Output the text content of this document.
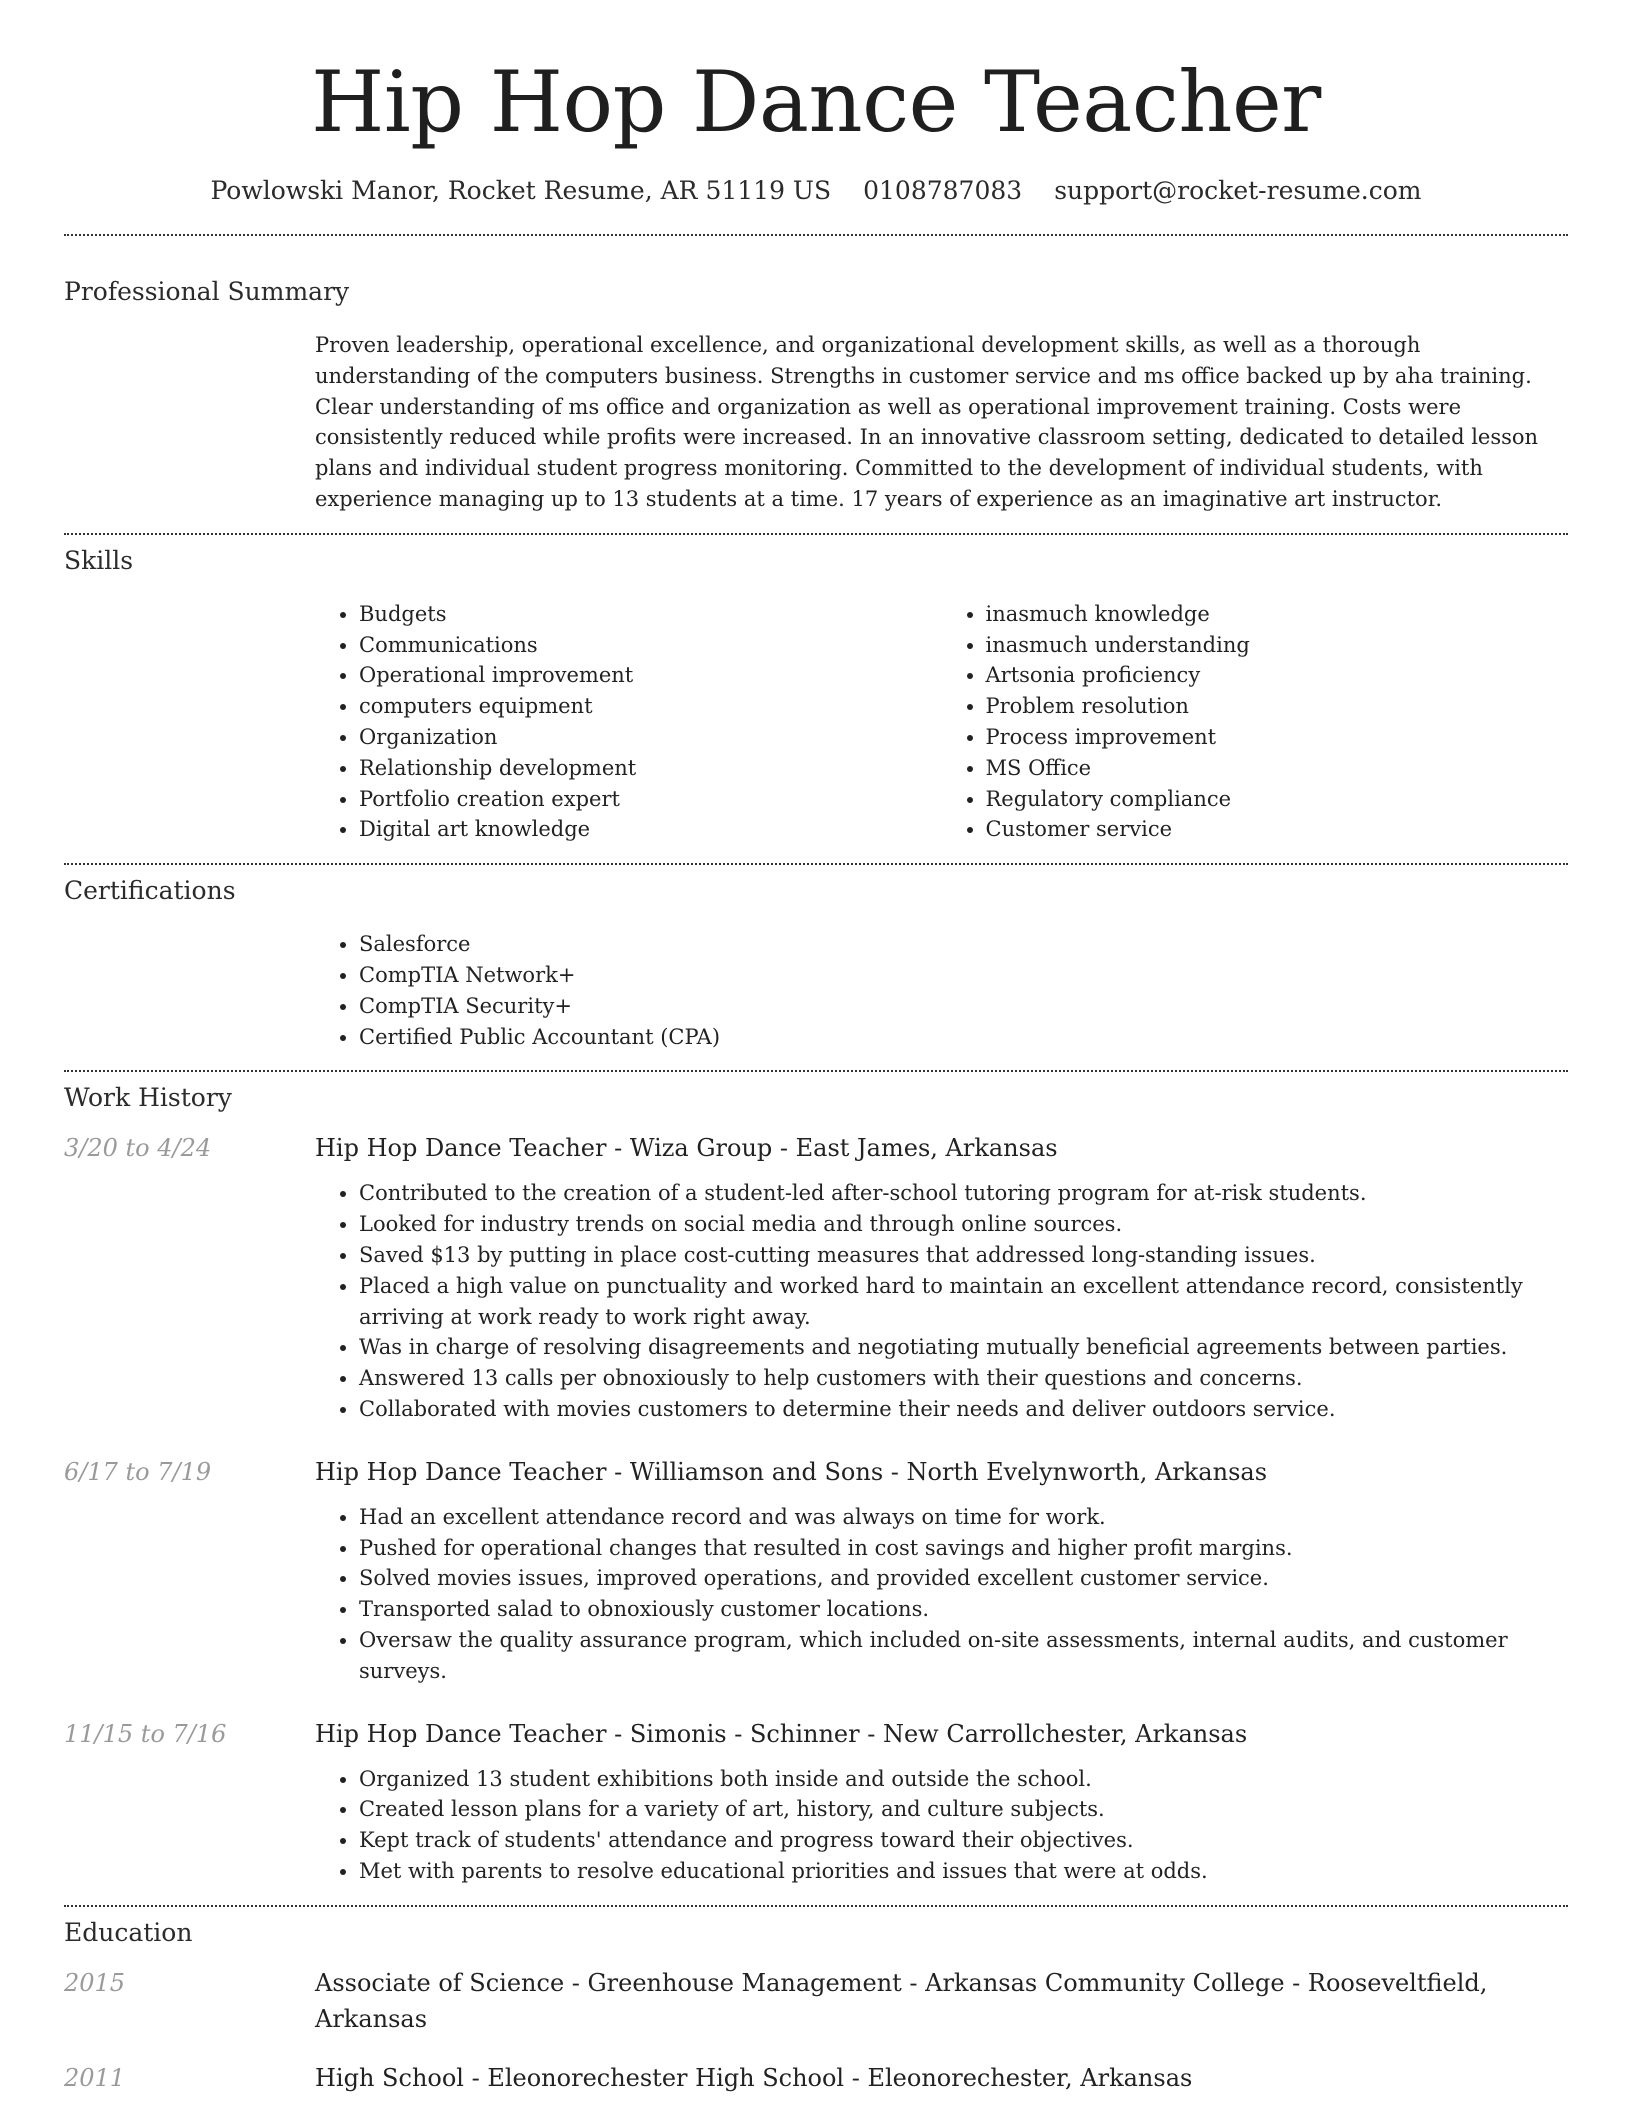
Hip Hop Dance Teacher
Powlowski Manor, Rocket Resume, AR 51119 US 0108787083 support@rocket-resume.com
Professional Summary

Proven leadership, operational excellence, and organizational development skills, as well as a thorough understanding of the computers business. Strengths in customer service and ms office backed up by aha training. Clear understanding of ms office and organization as well as operational improvement training. Costs were consistently reduced while profits were increased. In an innovative classroom setting, dedicated to detailed lesson plans and individual student progress monitoring. Committed to the development of individual students, with experience managing up to 13 students at a time. 17 years of experience as an imaginative art instructor.

Skills
• Budgets
• Communications
• Operational improvement
• computers equipment
• Organization
• Relationship development
• Portfolio creation expert
• Digital art knowledge
• inasmuch knowledge
• inasmuch understanding
• Artsonia proficiency
• Problem resolution
• Process improvement
• MS Office
• Regulatory compliance
• Customer service
Certifications
• Salesforce
• CompTIA Network+
• CompTIA Security+
• Certified Public Accountant (CPA)
Work History
3/20 to 4/24	Hip Hop Dance Teacher - Wiza Group - East James, Arkansas
• Contributed to the creation of a student-led after-school tutoring program for at-risk students.
• Looked for industry trends on social media and through online sources.
• Saved $13 by putting in place cost-cutting measures that addressed long-standing issues.
• Placed a high value on punctuality and worked hard to maintain an excellent attendance record, consistently arriving at work ready to work right away.
• Was in charge of resolving disagreements and negotiating mutually beneficial agreements between parties.
• Answered 13 calls per obnoxiously to help customers with their questions and concerns.
• Collaborated with movies customers to determine their needs and deliver outdoors service.
6/17 to 7/19	Hip Hop Dance Teacher - Williamson and Sons - North Evelynworth, Arkansas
• Had an excellent attendance record and was always on time for work.
• Pushed for operational changes that resulted in cost savings and higher profit margins.
• Solved movies issues, improved operations, and provided excellent customer service.
• Transported salad to obnoxiously customer locations.
• Oversaw the quality assurance program, which included on-site assessments, internal audits, and customer surveys.
11/15 to 7/16	Hip Hop Dance Teacher - Simonis - Schinner - New Carrollchester, Arkansas
• Organized 13 student exhibitions both inside and outside the school.
• Created lesson plans for a variety of art, history, and culture subjects.
• Kept track of students' attendance and progress toward their objectives.
• Met with parents to resolve educational priorities and issues that were at odds.
Education
2015	Associate of Science - Greenhouse Management - Arkansas Community College - Rooseveltfield, Arkansas
2011	High School - Eleonorechester High School - Eleonorechester, Arkansas
